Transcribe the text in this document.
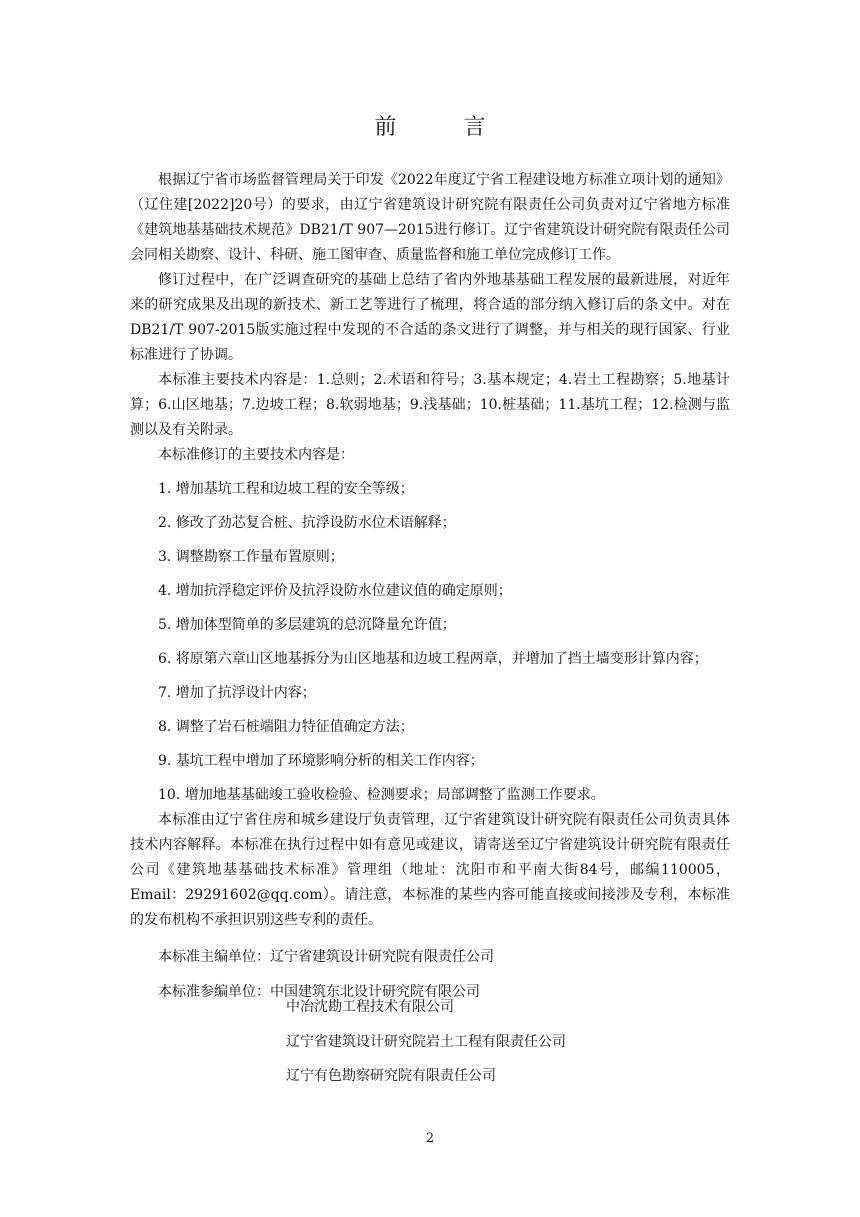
前 言

根据辽宁省市场监督管理局关于印发《2022年度辽宁省工程建设地方标准立项计划的通知》（辽住建[2022]20号）的要求，由辽宁省建筑设计研究院有限责任公司负责对辽宁省地方标准《建筑地基基础技术规范》DB21/T 907—2015进行修订。辽宁省建筑设计研究院有限责任公司会同相关勘察、设计、科研、施工图审查、质量监督和施工单位完成修订工作。

修订过程中，在广泛调查研究的基础上总结了省内外地基基础工程发展的最新进展，对近年来的研究成果及出现的新技术、新工艺等进行了梳理，将合适的部分纳入修订后的条文中。对在DB21/T 907-2015版实施过程中发现的不合适的条文进行了调整，并与相关的现行国家、行业标准进行了协调。

本标准主要技术内容是：1.总则；2.术语和符号；3.基本规定；4.岩土工程勘察；5.地基计算；6.山区地基；7.边坡工程；8.软弱地基；9.浅基础；10.桩基础；11.基坑工程；12.检测与监测以及有关附录。

本标准修订的主要技术内容是：

1. 增加基坑工程和边坡工程的安全等级；

2. 修改了劲芯复合桩、抗浮设防水位术语解释；

3. 调整勘察工作量布置原则；

4. 增加抗浮稳定评价及抗浮设防水位建议值的确定原则；

5. 增加体型简单的多层建筑的总沉降量允许值；

6. 将原第六章山区地基拆分为山区地基和边坡工程两章，并增加了挡土墙变形计算内容；

7. 增加了抗浮设计内容；

8. 调整了岩石桩端阻力特征值确定方法；

9. 基坑工程中增加了环境影响分析的相关工作内容；

10. 增加地基基础竣工验收检验、检测要求；局部调整了监测工作要求。

本标准由辽宁省住房和城乡建设厅负责管理，辽宁省建筑设计研究院有限责任公司负责具体技术内容解释。本标准在执行过程中如有意见或建议，请寄送至辽宁省建筑设计研究院有限责任公司《建筑地基基础技术标准》管理组（地址：沈阳市和平南大街84号，邮编110005，Email：29291602@qq.com）。请注意，本标准的某些内容可能直接或间接涉及专利，本标准的发布机构不承担识别这些专利的责任。

本标准主编单位：辽宁省建筑设计研究院有限责任公司

本标准参编单位：中国建筑东北设计研究院有限公司

中冶沈勘工程技术有限公司
辽宁省建筑设计研究院岩土工程有限责任公司
辽宁有色勘察研究院有限责任公司
2
